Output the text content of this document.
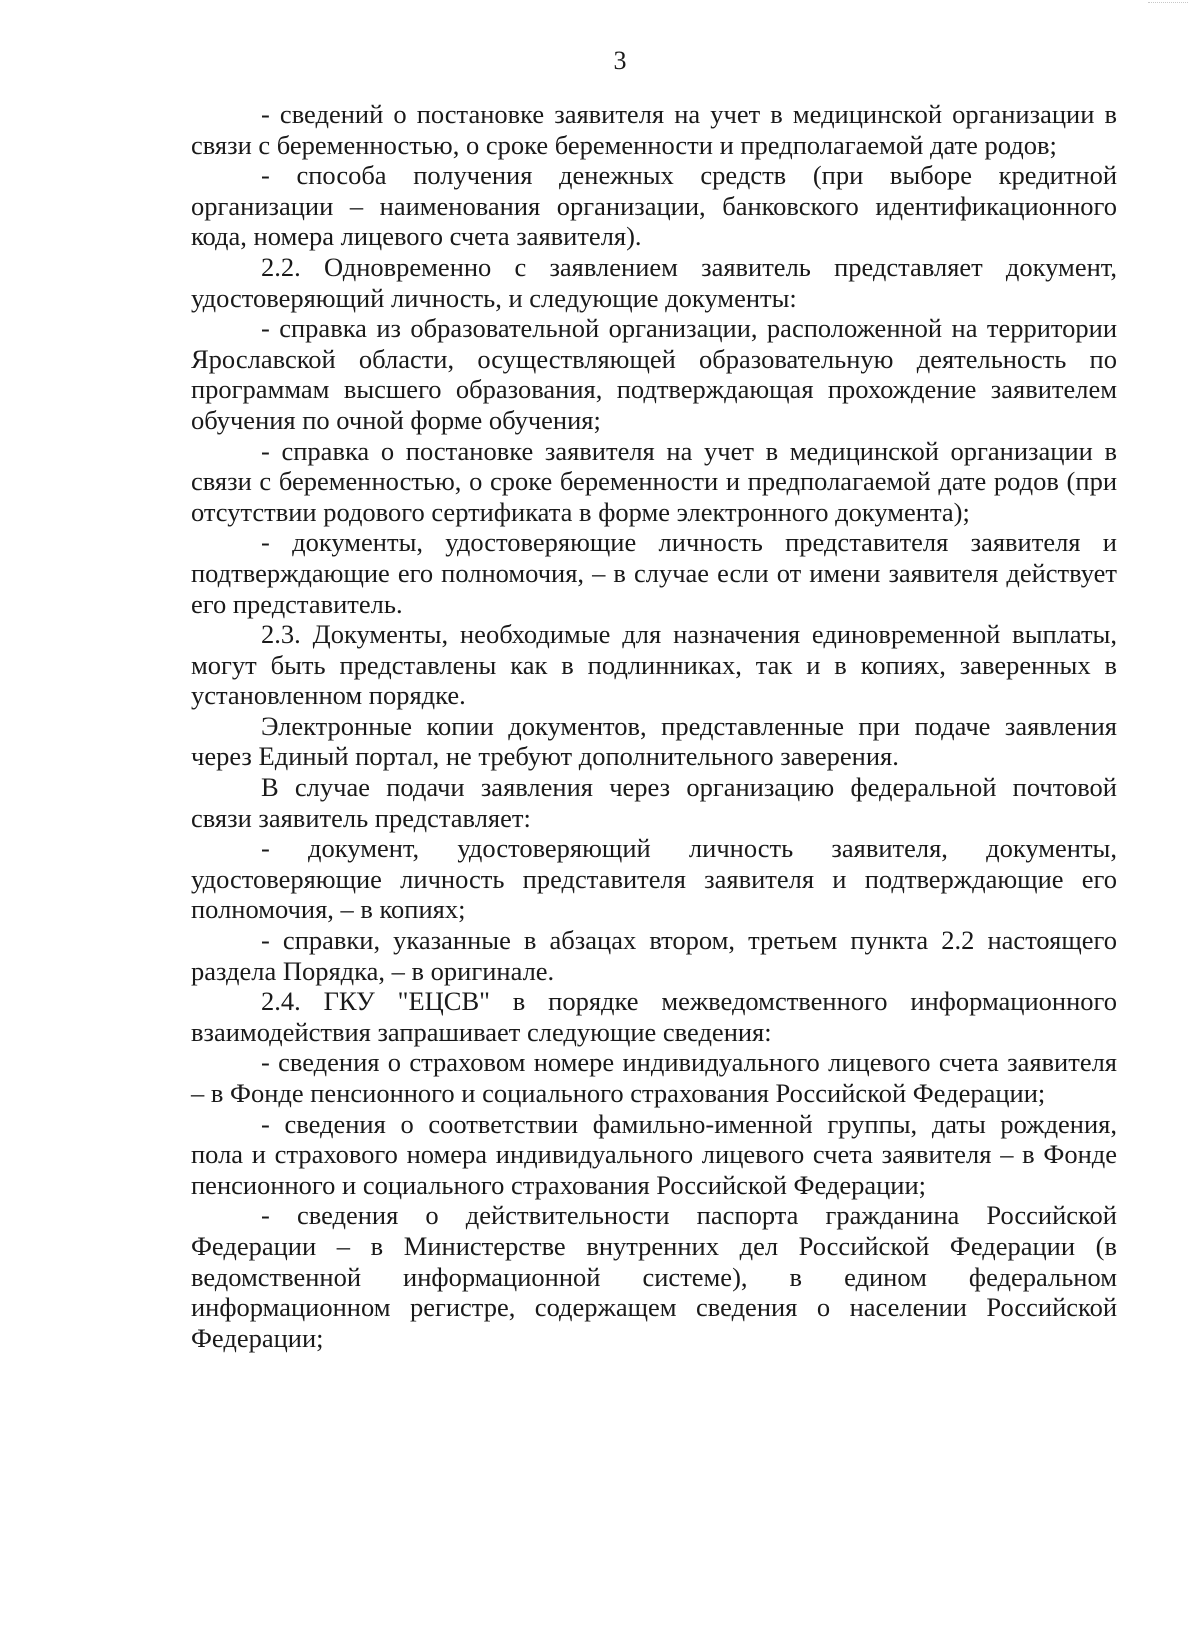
3

- сведений о постановке заявителя на учет в медицинской организации в связи с беременностью, о сроке беременности и предполагаемой дате родов;

- способа получения денежных средств (при выборе кредитной организации – наименования организации, банковского идентификационного кода, номера лицевого счета заявителя).

2.2. Одновременно с заявлением заявитель представляет документ, удостоверяющий личность, и следующие документы:

- справка из образовательной организации, расположенной на территории Ярославской области, осуществляющей образовательную деятельность по программам высшего образования, подтверждающая прохождение заявителем обучения по очной форме обучения;

- справка о постановке заявителя на учет в медицинской организации в связи с беременностью, о сроке беременности и предполагаемой дате родов (при отсутствии родового сертификата в форме электронного документа);

- документы, удостоверяющие личность представителя заявителя и подтверждающие его полномочия, – в случае если от имени заявителя действует его представитель.

2.3. Документы, необходимые для назначения единовременной выплаты, могут быть представлены как в подлинниках, так и в копиях, заверенных в установленном порядке.

Электронные копии документов, представленные при подаче заявления через Единый портал, не требуют дополнительного заверения.

В случае подачи заявления через организацию федеральной почтовой связи заявитель представляет:

- документ, удостоверяющий личность заявителя, документы, удостоверяющие личность представителя заявителя и подтверждающие его полномочия, – в копиях;

- справки, указанные в абзацах втором, третьем пункта 2.2 настоящего раздела Порядка, – в оригинале.

2.4. ГКУ "ЕЦСВ" в порядке межведомственного информационного взаимодействия запрашивает следующие сведения:

- сведения о страховом номере индивидуального лицевого счета заявителя – в Фонде пенсионного и социального страхования Российской Федерации;

- сведения о соответствии фамильно-именной группы, даты рождения, пола и страхового номера индивидуального лицевого счета заявителя – в Фонде пенсионного и социального страхования Российской Федерации;

- сведения о действительности паспорта гражданина Российской Федерации – в Министерстве внутренних дел Российской Федерации (в ведомственной информационной системе), в едином федеральном информационном регистре, содержащем сведения о населении Российской Федерации;
